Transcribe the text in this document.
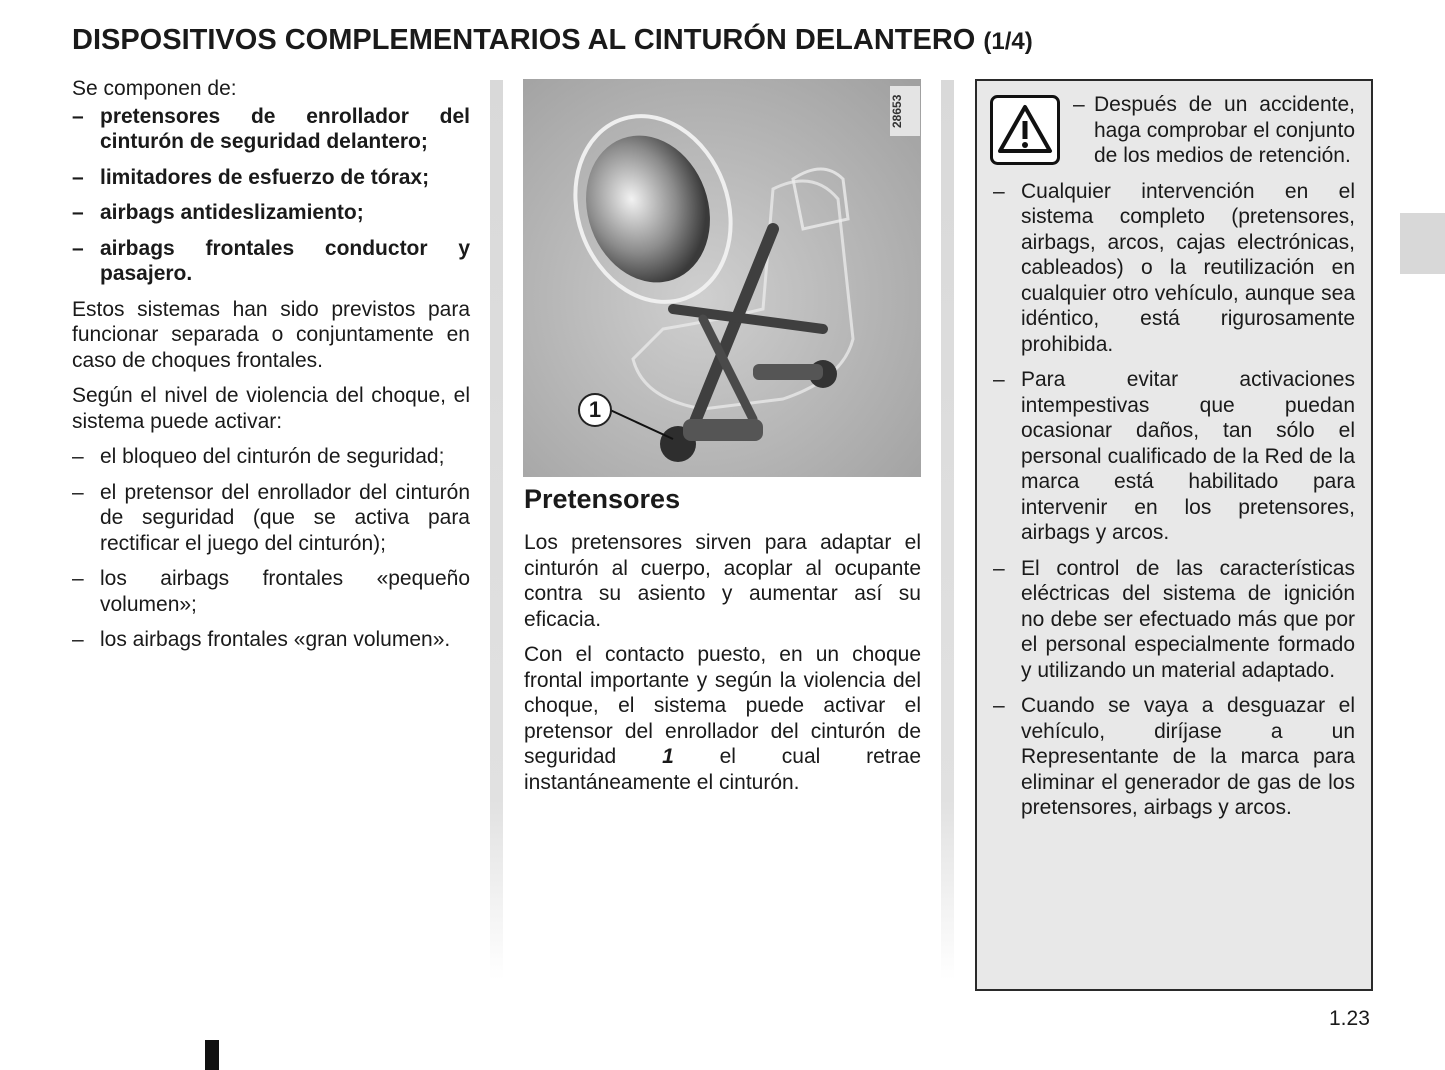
DISPOSITIVOS COMPLEMENTARIOS AL CINTURÓN DELANTERO (1/4)

Se componen de:

– pretensores de enrollador del cinturón de seguridad delantero;
– limitadores de esfuerzo de tórax;
– airbags antideslizamiento;
– airbags frontales conductor y pasajero.

Estos sistemas han sido previstos para funcionar separada o conjuntamente en caso de choques frontales.

Según el nivel de violencia del choque, el sistema puede activar:

– el bloqueo del cinturón de seguridad;
– el pretensor del enrollador del cinturón de seguridad (que se activa para rectificar el juego del cinturón);
– los airbags frontales «pequeño volumen»;
– los airbags frontales «gran volumen».
28653
1
Pretensores

Los pretensores sirven para adaptar el cinturón al cuerpo, acoplar al ocupante contra su asiento y aumentar así su eficacia.

Con el contacto puesto, en un choque frontal importante y según la violencia del choque, el sistema puede activar el pretensor del enrollador del cinturón de seguridad 1 el cual retrae instantáneamente el cinturón.

– Después de un accidente, haga comprobar el conjunto de los medios de retención.
– Cualquier intervención en el sistema completo (pretensores, airbags, arcos, cajas electrónicas, cableados) o la reutilización en cualquier otro vehículo, aunque sea idéntico, está rigurosamente prohibida.
– Para evitar activaciones intempestivas que puedan ocasionar daños, tan sólo el personal cualificado de la Red de la marca está habilitado para intervenir en los pretensores, airbags y arcos.
– El control de las características eléctricas del sistema de ignición no debe ser efectuado más que por el personal especialmente formado y utilizando un material adaptado.
– Cuando se vaya a desguazar el vehículo, diríjase a un Representante de la marca para eliminar el generador de gas de los pretensores, airbags y arcos.
1.23
